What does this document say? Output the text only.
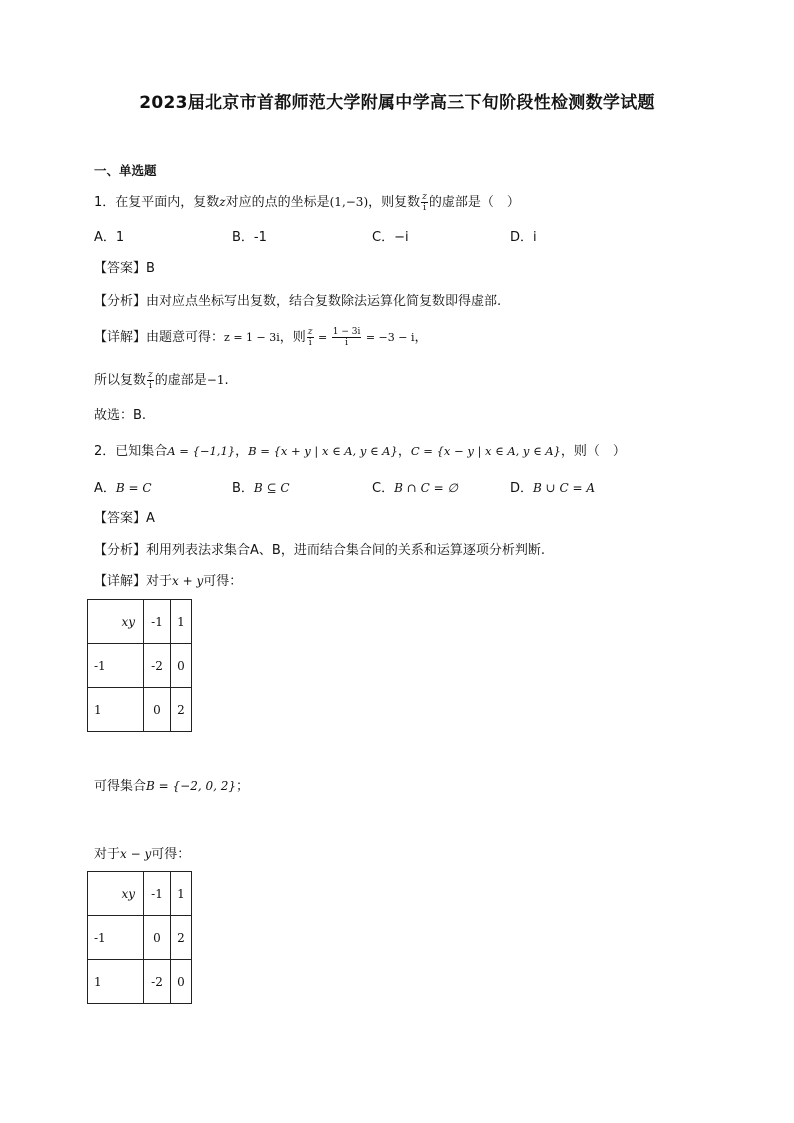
2023届北京市首都师范大学附属中学高三下旬阶段性检测数学试题
一、单选题
1．在复平面内，复数z对应的点的坐标是(1,−3)，则复数 $\frac{z}{i}$ 的虚部是（　）
A．1	B．-1	C．−i	D．i
【答案】B
【分析】由对应点坐标写出复数，结合复数除法运算化简复数即得虚部.
【详解】由题意可得：z = 1 − 3i，则 $\frac{z}{i} = \frac{1 - 3i}{i} = -3 - i$，
所以复数 $\frac{z}{i}$ 的虚部是−1.
故选：B.
2．已知集合A = {−1,1}，B = {x + y | x ∈ A, y ∈ A}，C = {x − y | x ∈ A, y ∈ A}，则（　）
A．B = C	B．B ⊆ C	C．B ∩ C = ∅	D．B ∪ C = A
【答案】A
【分析】利用列表法求集合A、B，进而结合集合间的关系和运算逐项分析判断.
【详解】对于x + y可得：
xy	-1	1
-1	-2	0
1	0	2
可得集合B = {−2, 0, 2}；
对于x − y可得：
xy	-1	1
-1	0	2
1	-2	0
